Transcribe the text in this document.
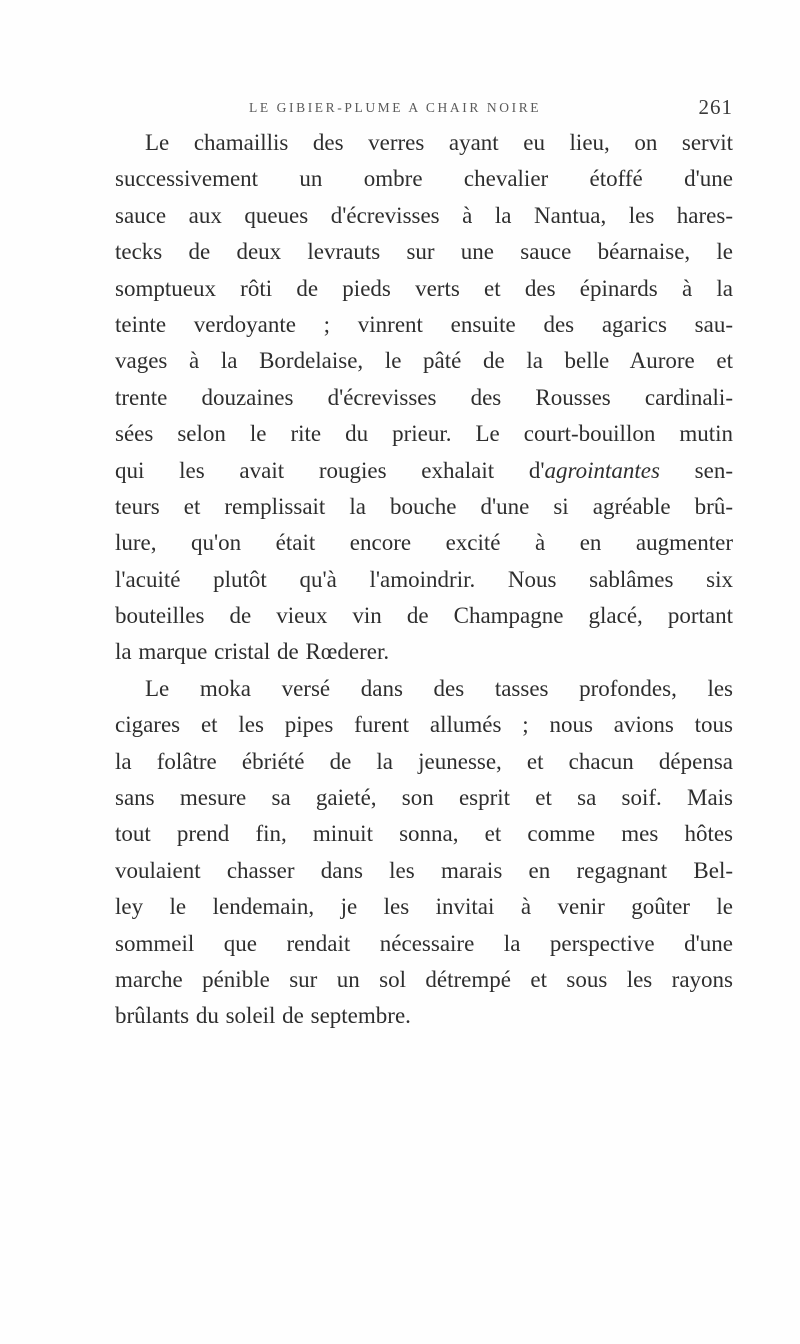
LE GIBIER-PLUME A CHAIR NOIRE	261
Le chamaillis des verres ayant eu lieu, on servit
successivement un ombre chevalier étoffé d'une
sauce aux queues d'écrevisses à la Nantua, les hares-
tecks de deux levrauts sur une sauce béarnaise, le
somptueux rôti de pieds verts et des épinards à la
teinte verdoyante ; vinrent ensuite des agarics sau-
vages à la Bordelaise, le pâté de la belle Aurore et
trente douzaines d'écrevisses des Rousses cardinali-
sées selon le rite du prieur. Le court-bouillon mutin
qui les avait rougies exhalait d'agrointantes sen-
teurs et remplissait la bouche d'une si agréable brû-
lure, qu'on était encore excité à en augmenter
l'acuité plutôt qu'à l'amoindrir. Nous sablâmes six
bouteilles de vieux vin de Champagne glacé, portant
la marque cristal de Rœderer.
Le moka versé dans des tasses profondes, les
cigares et les pipes furent allumés ; nous avions tous
la folâtre ébriété de la jeunesse, et chacun dépensa
sans mesure sa gaieté, son esprit et sa soif. Mais
tout prend fin, minuit sonna, et comme mes hôtes
voulaient chasser dans les marais en regagnant Bel-
ley le lendemain, je les invitai à venir goûter le
sommeil que rendait nécessaire la perspective d'une
marche pénible sur un sol détrempé et sous les rayons
brûlants du soleil de septembre.
